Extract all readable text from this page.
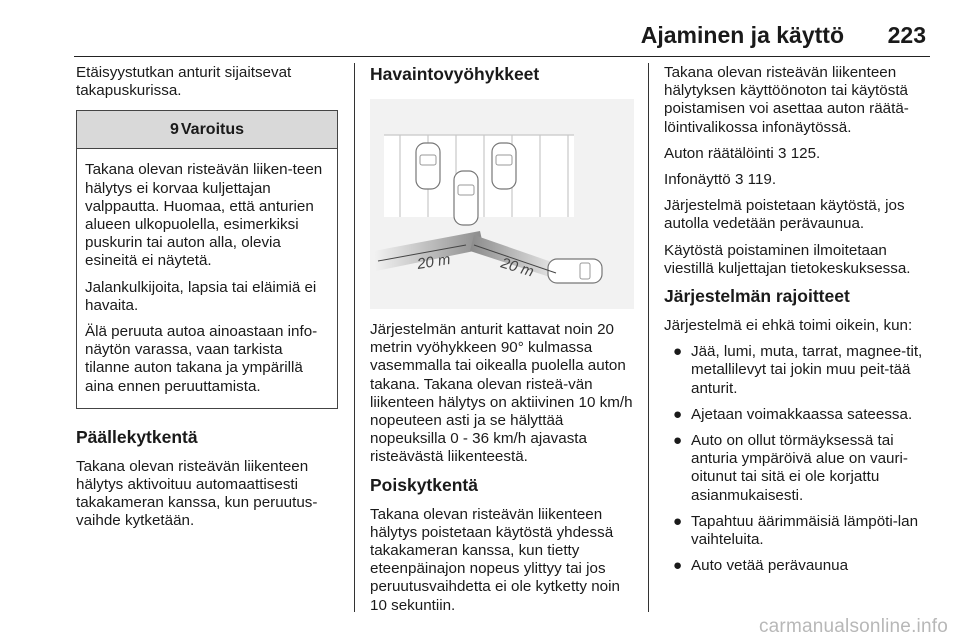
Ajaminen ja käyttö 223

Etäisyystutkan anturit sijaitsevat takapuskurissa.

9 Varoitus

Takana olevan risteävän liiken-teen hälytys ei korvaa kuljettajan valppautta. Huomaa, että anturien alueen ulkopuolella, esimerkiksi puskurin tai auton alla, olevia esineitä ei näytetä.

Jalankulkijoita, lapsia tai eläimiä ei havaita.

Älä peruuta autoa ainoastaan info-näytön varassa, vaan tarkista tilanne auton takana ja ympärillä aina ennen peruuttamista.

Päällekytkentä

Takana olevan risteävän liikenteen hälytys aktivoituu automaattisesti takakameran kanssa, kun peruutus-vaihde kytketään.

Havaintovyöhykkeet
20 m	20 m

Järjestelmän anturit kattavat noin 20 metrin vyöhykkeen 90° kulmassa vasemmalla tai oikealla puolella auton takana. Takana olevan risteä-vän liikenteen hälytys on aktiivinen 10 km/h nopeuteen asti ja se hälyttää nopeuksilla 0 - 36 km/h ajavasta risteävästä liikenteestä.

Poiskytkentä

Takana olevan risteävän liikenteen hälytys poistetaan käytöstä yhdessä takakameran kanssa, kun tietty eteenpäinajon nopeus ylittyy tai jos peruutusvaihdetta ei ole kytketty noin 10 sekuntiin.

Takana olevan risteävän liikenteen hälytyksen käyttöönoton tai käytöstä poistamisen voi asettaa auton räätä-löintivalikossa infonäytössä.

Auton räätälöinti 3 125.

Infonäyttö 3 119.

Järjestelmä poistetaan käytöstä, jos autolla vedetään perävaunua.

Käytöstä poistaminen ilmoitetaan viestillä kuljettajan tietokeskuksessa.

Järjestelmän rajoitteet

Järjestelmä ei ehkä toimi oikein, kun:

● Jää, lumi, muta, tarrat, magnee-tit, metallilevyt tai jokin muu peit-tää anturit.
● Ajetaan voimakkaassa sateessa.
● Auto on ollut törmäyksessä tai anturia ympäröivä alue on vauri-oitunut tai sitä ei ole korjattu asianmukaisesti.
● Tapahtuu äärimmäisiä lämpöti-lan vaihteluita.
● Auto vetää perävaunua
carmanualsonline.info
